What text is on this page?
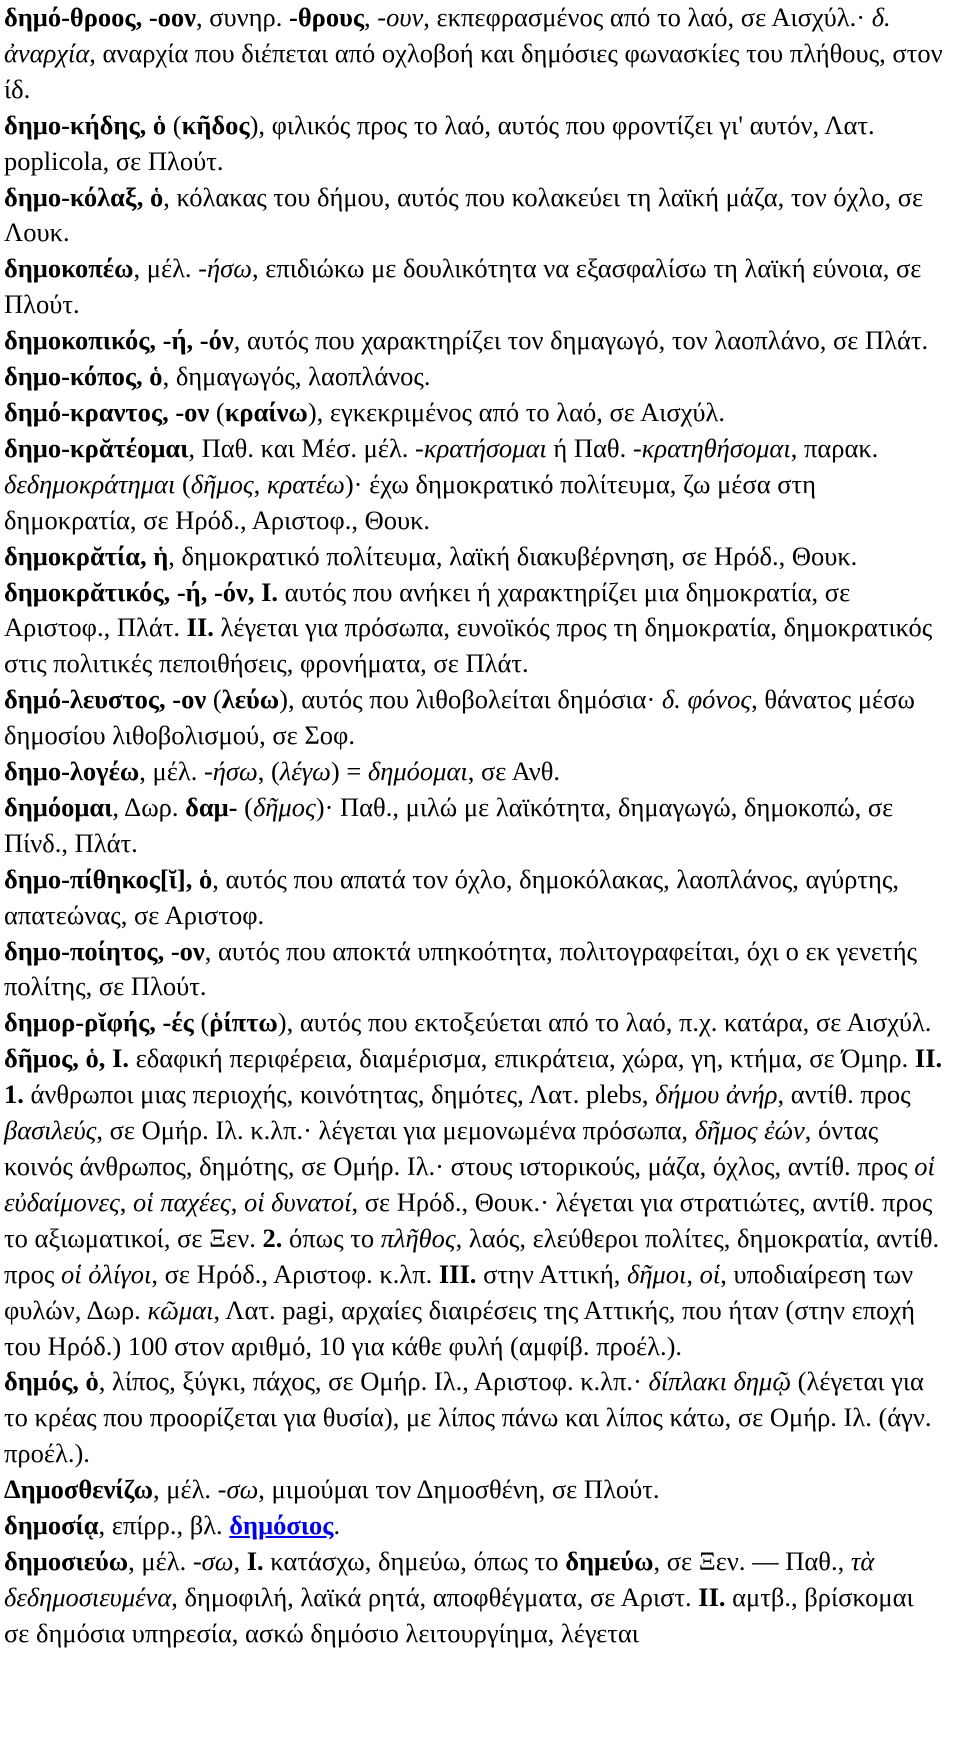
δημό-θροος, -οον, συνηρ. -θρους, -ουν, εκπεφρασμένος από το λαό, σε Αισχύλ.· δ. ἀναρχία, αναρχία που διέπεται από οχλοβοή και δημόσιες φωνασκίες του πλήθους, στον ίδ.

δημο-κήδης, ὁ (κῆδος), φιλικός προς το λαό, αυτός που φροντίζει γι' αυτόν, Λατ. poplicola, σε Πλούτ.

δημο-κόλαξ, ὁ, κόλακας του δήμου, αυτός που κολακεύει τη λαϊκή μάζα, τον όχλο, σε Λουκ.

δημοκοπέω, μέλ. -ήσω, επιδιώκω με δουλικότητα να εξασφαλίσω τη λαϊκή εύνοια, σε Πλούτ.

δημοκοπικός, -ή, -όν, αυτός που χαρακτηρίζει τον δημαγωγό, τον λαοπλάνο, σε Πλάτ.

δημο-κόπος, ὁ, δημαγωγός, λαοπλάνος.

δημό-κραντος, -ον (κραίνω), εγκεκριμένος από το λαό, σε Αισχύλ.

δημο-κρᾰτέομαι, Παθ. και Μέσ. μέλ. -κρατήσομαι ή Παθ. -κρατηθήσομαι, παρακ. δεδημοκράτημαι (δῆμος, κρατέω)· έχω δημοκρατικό πολίτευμα, ζω μέσα στη δημοκρατία, σε Ηρόδ., Αριστοφ., Θουκ.

δημοκρᾰτία, ἡ, δημοκρατικό πολίτευμα, λαϊκή διακυβέρνηση, σε Ηρόδ., Θουκ.

δημοκρᾰτικός, -ή, -όν, I. αυτός που ανήκει ή χαρακτηρίζει μια δημοκρατία, σε Αριστοφ., Πλάτ. II. λέγεται για πρόσωπα, ευνοϊκός προς τη δημοκρατία, δημοκρατικός στις πολιτικές πεποιθήσεις, φρονήματα, σε Πλάτ.

δημό-λευστος, -ον (λεύω), αυτός που λιθοβολείται δημόσια· δ. φόνος, θάνατος μέσω δημοσίου λιθοβολισμού, σε Σοφ.

δημο-λογέω, μέλ. -ήσω, (λέγω) = δημόομαι, σε Ανθ.

δημόομαι, Δωρ. δαμ- (δῆμος)· Παθ., μιλώ με λαϊκότητα, δημαγωγώ, δημοκοπώ, σε Πίνδ., Πλάτ.

δημο-πίθηκος[ῐ], ὁ, αυτός που απατά τον όχλο, δημοκόλακας, λαοπλάνος, αγύρτης, απατεώνας, σε Αριστοφ.

δημο-ποίητος, -ον, αυτός που αποκτά υπηκοότητα, πολιτογραφείται, όχι ο εκ γενετής πολίτης, σε Πλούτ.

δημορ-ρῐφής, -ές (ῥίπτω), αυτός που εκτοξεύεται από το λαό, π.χ. κατάρα, σε Αισχύλ.

δῆμος, ὁ, I. εδαφική περιφέρεια, διαμέρισμα, επικράτεια, χώρα, γη, κτήμα, σε Όμηρ. II. 1. άνθρωποι μιας περιοχής, κοινότητας, δημότες, Λατ. plebs, δήμου ἀνήρ, αντίθ. προς βασιλεύς, σε Ομήρ. Ιλ. κ.λπ.· λέγεται για μεμονωμένα πρόσωπα, δῆμος ἐών, όντας κοινός άνθρωπος, δημότης, σε Ομήρ. Ιλ.· στους ιστορικούς, μάζα, όχλος, αντίθ. προς οἱ εὐδαίμονες, οἱ παχέες, οἱ δυνατοί, σε Ηρόδ., Θουκ.· λέγεται για στρατιώτες, αντίθ. προς το αξιωματικοί, σε Ξεν. 2. όπως το πλῆθος, λαός, ελεύθεροι πολίτες, δημοκρατία, αντίθ. προς οἱ ὀλίγοι, σε Ηρόδ., Αριστοφ. κ.λπ. III. στην Αττική, δῆμοι, οἱ, υποδιαίρεση των φυλών, Δωρ. κῶμαι, Λατ. pagi, αρχαίες διαιρέσεις της Αττικής, που ήταν (στην εποχή του Ηρόδ.) 100 στον αριθμό, 10 για κάθε φυλή (αμφίβ. προέλ.).

δημός, ὁ, λίπος, ξύγκι, πάχος, σε Ομήρ. Ιλ., Αριστοφ. κ.λπ.· δίπλακι δημῷ (λέγεται για το κρέας που προορίζεται για θυσία), με λίπος πάνω και λίπος κάτω, σε Ομήρ. Ιλ. (άγν. προέλ.).

Δημοσθενίζω, μέλ. -σω, μιμούμαι τον Δημοσθένη, σε Πλούτ.

δημοσίᾳ, επίρρ., βλ. δημόσιος.

δημοσιεύω, μέλ. -σω, I. κατάσχω, δημεύω, όπως το δημεύω, σε Ξεν. — Παθ., τὰ δεδημοσιευμένα, δημοφιλή, λαϊκά ρητά, αποφθέγματα, σε Αριστ. II. αμτβ., βρίσκομαι σε δημόσια υπηρεσία, ασκώ δημόσιο λειτουργίημα, λέγεται
